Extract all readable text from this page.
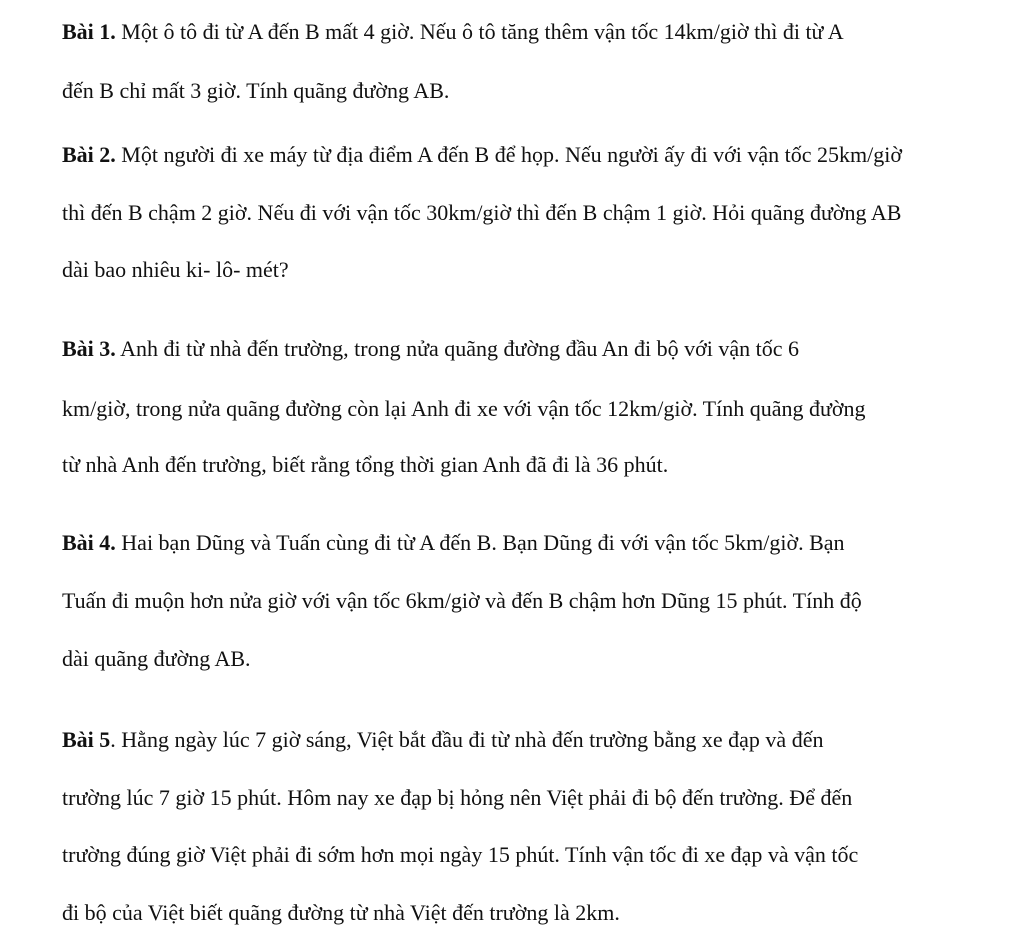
Bài 1. Một ô tô đi từ A đến B mất 4 giờ. Nếu ô tô tăng thêm vận tốc 14km/giờ thì đi từ A
đến B chỉ mất 3 giờ. Tính quãng đường AB.
Bài 2. Một người đi xe máy từ địa điểm A đến B để họp. Nếu người ấy đi với vận tốc 25km/giờ
thì đến B chậm 2 giờ. Nếu đi với vận tốc 30km/giờ thì đến B chậm 1 giờ. Hỏi quãng đường AB
dài bao nhiêu ki- lô- mét?
Bài 3. Anh đi từ nhà đến trường, trong nửa quãng đường đầu An đi bộ với vận tốc 6
km/giờ, trong nửa quãng đường còn lại Anh đi xe với vận tốc 12km/giờ. Tính quãng đường
từ nhà Anh đến trường, biết rằng tổng thời gian Anh đã đi là 36 phút.
Bài 4. Hai bạn Dũng và Tuấn cùng đi từ A đến B. Bạn Dũng đi với vận tốc 5km/giờ. Bạn
Tuấn đi muộn hơn nửa giờ với vận tốc 6km/giờ và đến B chậm hơn Dũng 15 phút. Tính độ
dài quãng đường AB.
Bài 5. Hằng ngày lúc 7 giờ sáng, Việt bắt đầu đi từ nhà đến trường bằng xe đạp và đến
trường lúc 7 giờ 15 phút. Hôm nay xe đạp bị hỏng nên Việt phải đi bộ đến trường. Để đến
trường đúng giờ Việt phải đi sớm hơn mọi ngày 15 phút. Tính vận tốc đi xe đạp và vận tốc
đi bộ của Việt biết quãng đường từ nhà Việt đến trường là 2km.
